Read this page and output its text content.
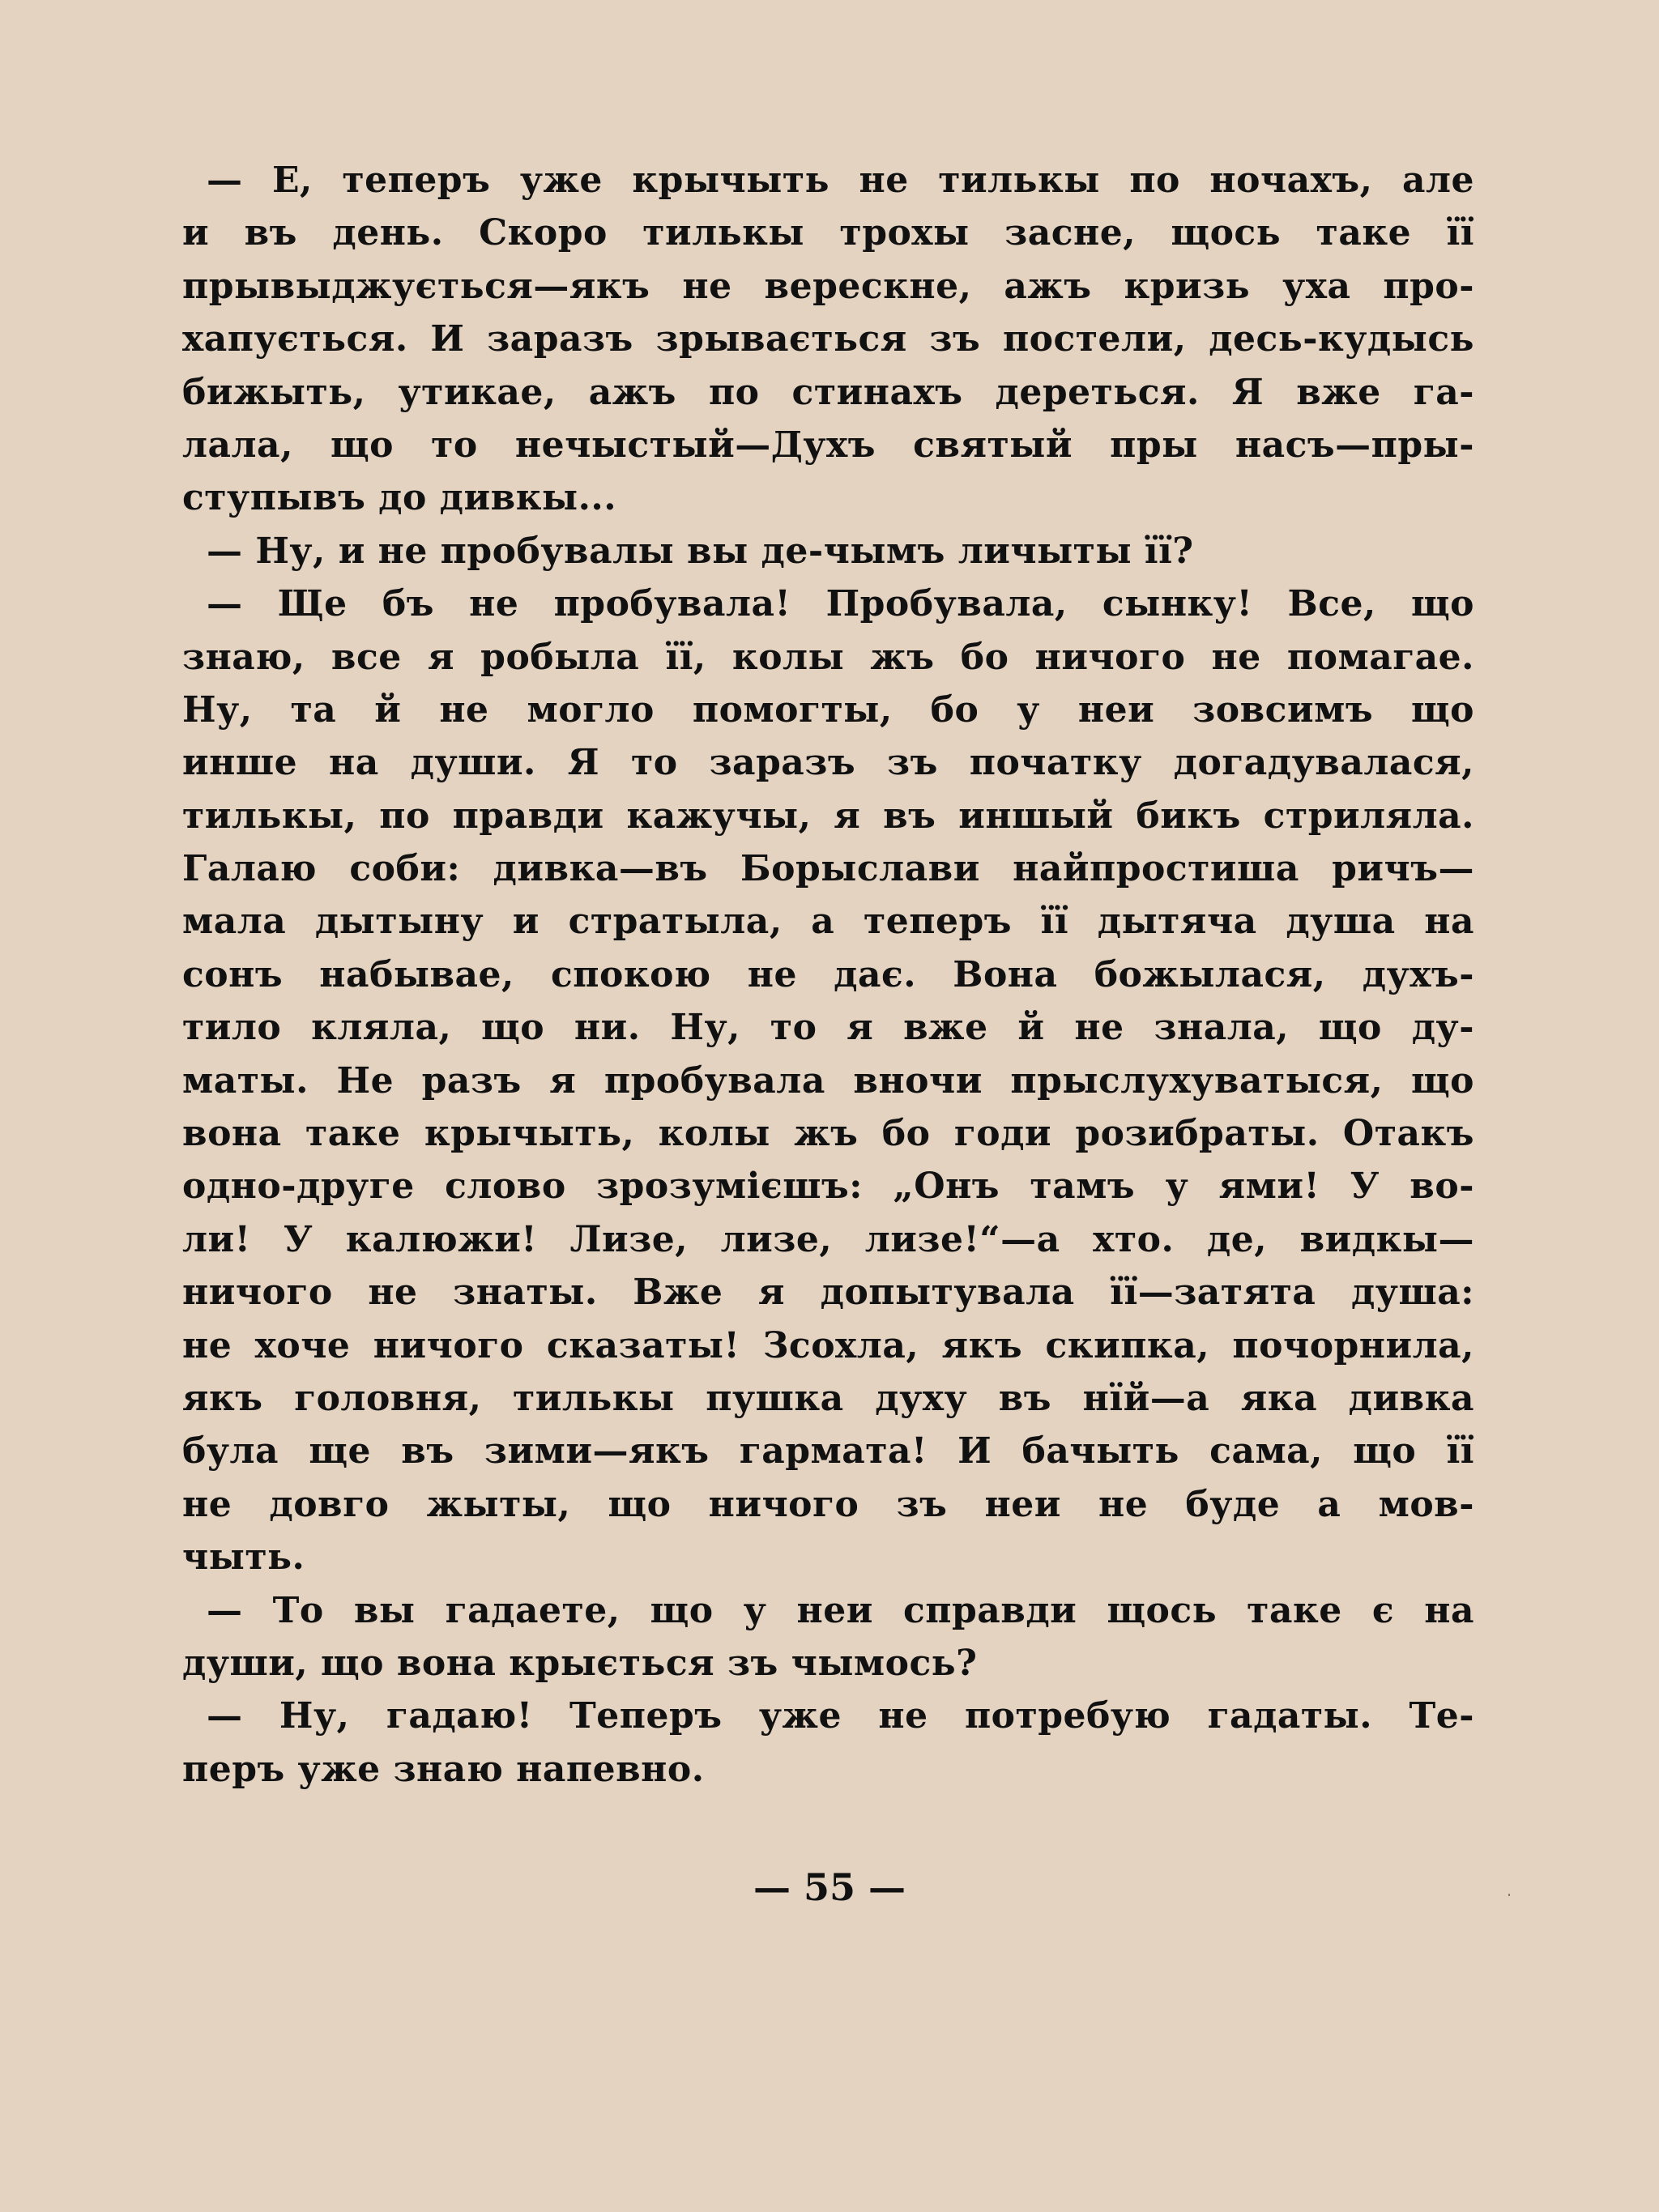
— Е, теперъ уже крычыть не тилькы по ночахъ, але
и въ день. Скоро тилькы трохы засне, щось таке її
прывыджується—якъ не верескне, ажъ кризь уха про-
хапується. И заразъ зрывається зъ постели, десь-кудысь
бижыть, утикае, ажъ по стинахъ дереться. Я вже га-
лала, що то нечыстый—Духъ святый пры насъ—пры-
ступывъ до дивкы...
— Ну, и не пробувалы вы де-чымъ личыты її?
— Ще бъ не пробувала! Пробувала, сынку! Все, що
знаю, все я робыла її, колы жъ бо ничого не помагае.
Ну, та й не могло помогты, бо у неи зовсимъ що
инше на души. Я то заразъ зъ початку догадувалася,
тилькы, по правди кажучы, я въ иншый бикъ стриляла.
Галаю соби: дивка—въ Борыслави найпростиша ричъ—
мала дытыну и стратыла, а теперъ її дытяча душа на
сонъ набывае, спокою не дає. Вона божылася, духъ-
тило кляла, що ни. Ну, то я вже й не знала, що ду-
маты. Не разъ я пробувала вночи прыслухуватыся, що
вона таке крычыть, колы жъ бо годи розибраты. Отакъ
одно-друге слово зрозумієшъ: „Онъ тамъ у ями! У во-
ли! У калюжи! Лизе, лизе, лизе!“—а хто. де, видкы—
ничого не знаты. Вже я допытувала її—затята душа:
не хоче ничого сказаты! Зсохла, якъ скипка, почорнила,
якъ головня, тилькы пушка духу въ нїй—а яка дивка
була ще въ зими—якъ гармата! И бачыть сама, що її
не довго жыты, що ничого зъ неи не буде а мов-
чыть.
— То вы гадаете, що у неи справди щось таке є на
души, що вона крыється зъ чымось?
— Ну, гадаю! Теперъ уже не потребую гадаты. Те-
перъ уже знаю напевно.
— 55 —
